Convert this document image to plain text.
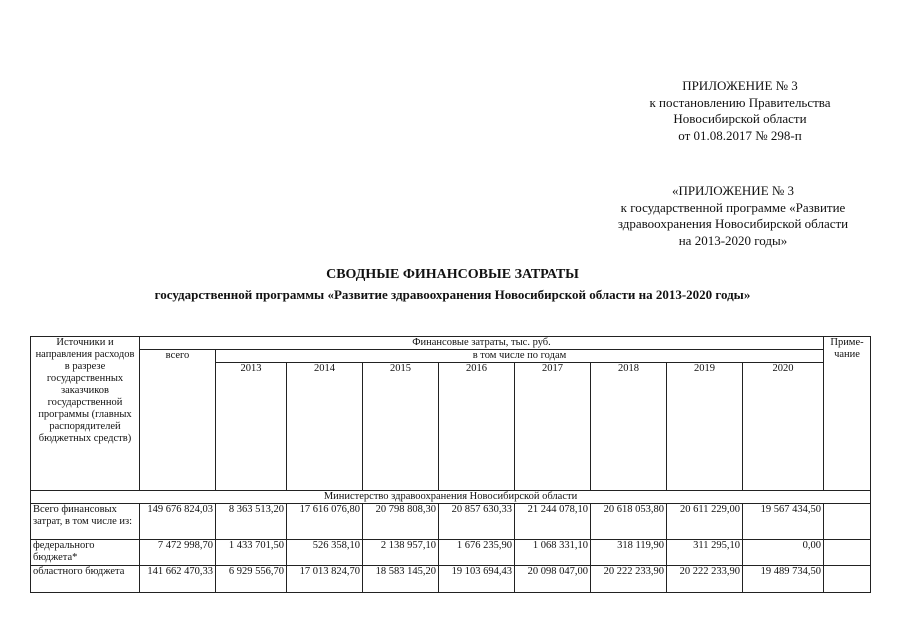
ПРИЛОЖЕНИЕ № 3
к постановлению Правительства
Новосибирской области
от 01.08.2017 № 298-п
«ПРИЛОЖЕНИЕ № 3
к государственной программе «Развитие
здравоохранения Новосибирской области
на 2013-2020 годы»
СВОДНЫЕ ФИНАНСОВЫЕ ЗАТРАТЫ
государственной программы «Развитие здравоохранения Новосибирской области на 2013-2020 годы»
Источники и направления расходов в разрезе государственных заказчиков государственной программы (главных распорядителей бюджетных средств)	Финансовые затраты, тыс. руб.									Приме-чание
	всего	в том числе по годам								
		2013	2014	2015	2016	2017	2018	2019	2020	
Министерство здравоохранения Новосибирской области										
Всего финансовых затрат, в том числе из:	149 676 824,03	8 363 513,20	17 616 076,80	20 798 808,30	20 857 630,33	21 244 078,10	20 618 053,80	20 611 229,00	19 567 434,50	
федерального бюджета*	7 472 998,70	1 433 701,50	526 358,10	2 138 957,10	1 676 235,90	1 068 331,10	318 119,90	311 295,10	0,00	
областного бюджета	141 662 470,33	6 929 556,70	17 013 824,70	18 583 145,20	19 103 694,43	20 098 047,00	20 222 233,90	20 222 233,90	19 489 734,50	
